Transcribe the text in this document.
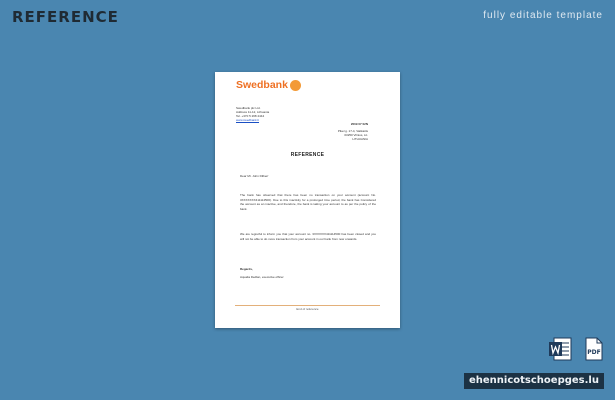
REFERENCE	fully editable template
Swedbank
Swedbank plc Ltd.
Address 11-12, Lithuania
Tel. +370 5 268 4444
www.swedbank.lt
2009 07 02N
Pikel g. 17-4, Vaitkaitis
03250 Vilnius, Lit.
LITHUANIA
REFERENCE
Dear Mr. John Dilberr
The bank has observed that there has been no transaction on your account (account No. 3XXXXXXX411114500). Due to this inactivity for a prolonged time period, the bank has Considered the account as an inactive, and therefore, the bank is taking your account to as per the policy of the bank.
We are regretful to inform you that your account no. 3XXXXXX411114500 has been closed and you will not be able to do more transaction from your account in our bank from now onwards.
Regards,
Aqualia Dedlan, executive officer
End of reference
PDF
ehennicotschoepges.lu
